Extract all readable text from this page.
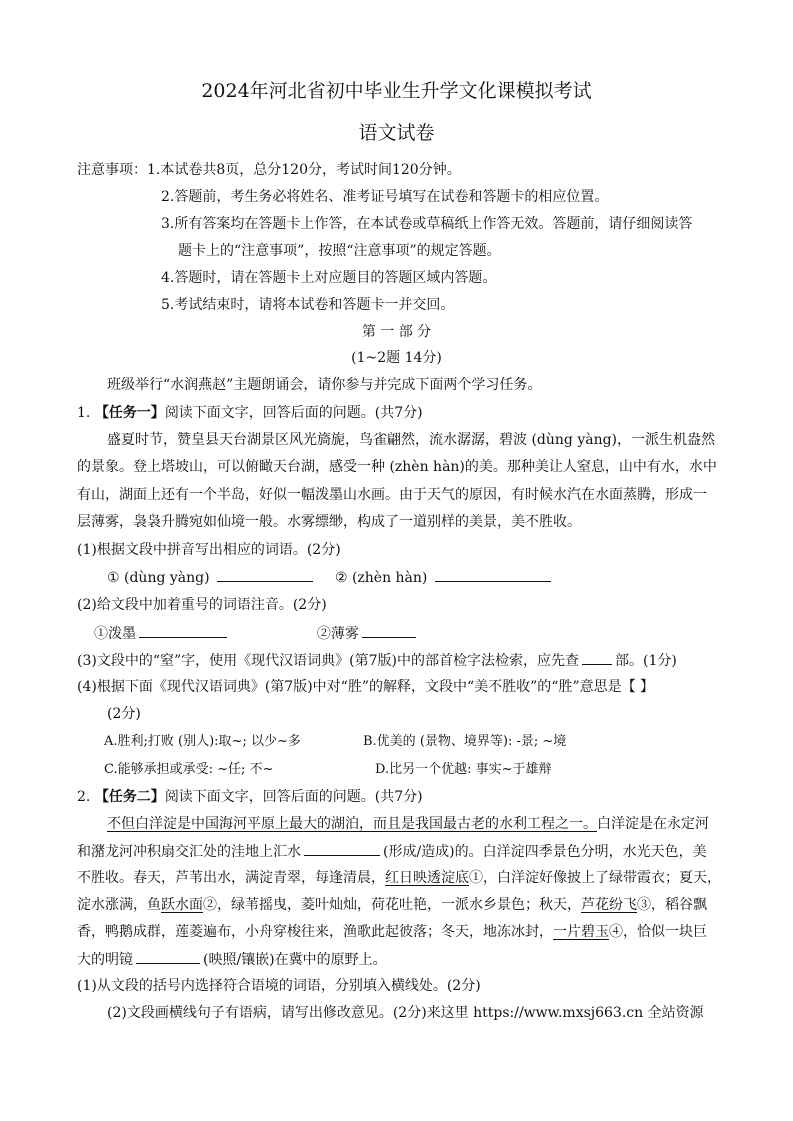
2024年河北省初中毕业生升学文化课模拟考试
语文试卷
注意事项：1.本试卷共8页，总分120分，考试时间120分钟。
2.答题前，考生务必将姓名、准考证号填写在试卷和答题卡的相应位置。
3.所有答案均在答题卡上作答，在本试卷或草稿纸上作答无效。答题前，请仔细阅读答
题卡上的“注意事项”，按照“注意事项”的规定答题。
4.答题时，请在答题卡上对应题目的答题区域内答题。
5.考试结束时，请将本试卷和答题卡一并交回。
第 一 部 分
(1~2题 14分)
班级举行“水润燕赵”主题朗诵会，请你参与并完成下面两个学习任务。
1. 【任务一】阅读下面文字，回答后面的问题。(共7分)
盛夏时节，赞皇县天台湖景区风光旖旎，鸟雀翩然，流水潺潺，碧波 (dùng yàng)，一派生机盎然
的景象。登上塔坡山，可以俯瞰天台湖，感受一种 (zhèn hàn)的美。那种美让人窒息，山中有水，水中
有山，湖面上还有一个半岛，好似一幅泼墨山水画。由于天气的原因，有时候水汽在水面蒸腾，形成一
层薄雾，袅袅升腾宛如仙境一般。水雾缥缈，构成了一道别样的美景，美不胜收。
(1)根据文段中拼音写出相应的词语。(2分)
① (dùng yàng)	② (zhèn hàn)
(2)给文段中加着重号的词语注音。(2分)
①泼墨	②薄雾
(3)文段中的“窒”字，使用《现代汉语词典》(第7版)中的部首检字法检索，应先查	部。(1分)
(4)根据下面《现代汉语词典》(第7版)中对“胜”的解释，文段中“美不胜收”的“胜”意思是【 】
(2分)
A.胜利;打败 (别人):取~; 以少~多	B.优美的 (景物、境界等): -景; ~境
C.能够承担或承受: ~任; 不~	D.比另一个优越: 事实~于雄辩
2. 【任务二】阅读下面文字，回答后面的问题。(共7分)
不但白洋淀是中国海河平原上最大的湖泊，而且是我国最古老的水利工程之一。白洋淀是在永定河
和潴龙河冲积扇交汇处的洼地上汇水	(形成/造成)的。白洋淀四季景色分明，水光天色，美
不胜收。春天，芦苇出水，满淀青翠，每逢清晨，红日映透淀底①，白洋淀好像披上了绿带霞衣；夏天，
淀水涨满，鱼跃水面②，绿苇摇曳，菱叶灿灿，荷花吐艳，一派水乡景色；秋天，芦花纷飞③，稻谷飘
香，鸭鹅成群，莲菱遍布，小舟穿梭往来，渔歌此起彼落；冬天，地冻冰封，一片碧玉④，恰似一块巨
大的明镜	(映照/镶嵌)在冀中的原野上。
(1)从文段的括号内选择符合语境的词语，分别填入横线处。(2分)
(2)文段画横线句子有语病，请写出修改意见。(2分)来这里 https://www.mxsj663.cn 全站资源
